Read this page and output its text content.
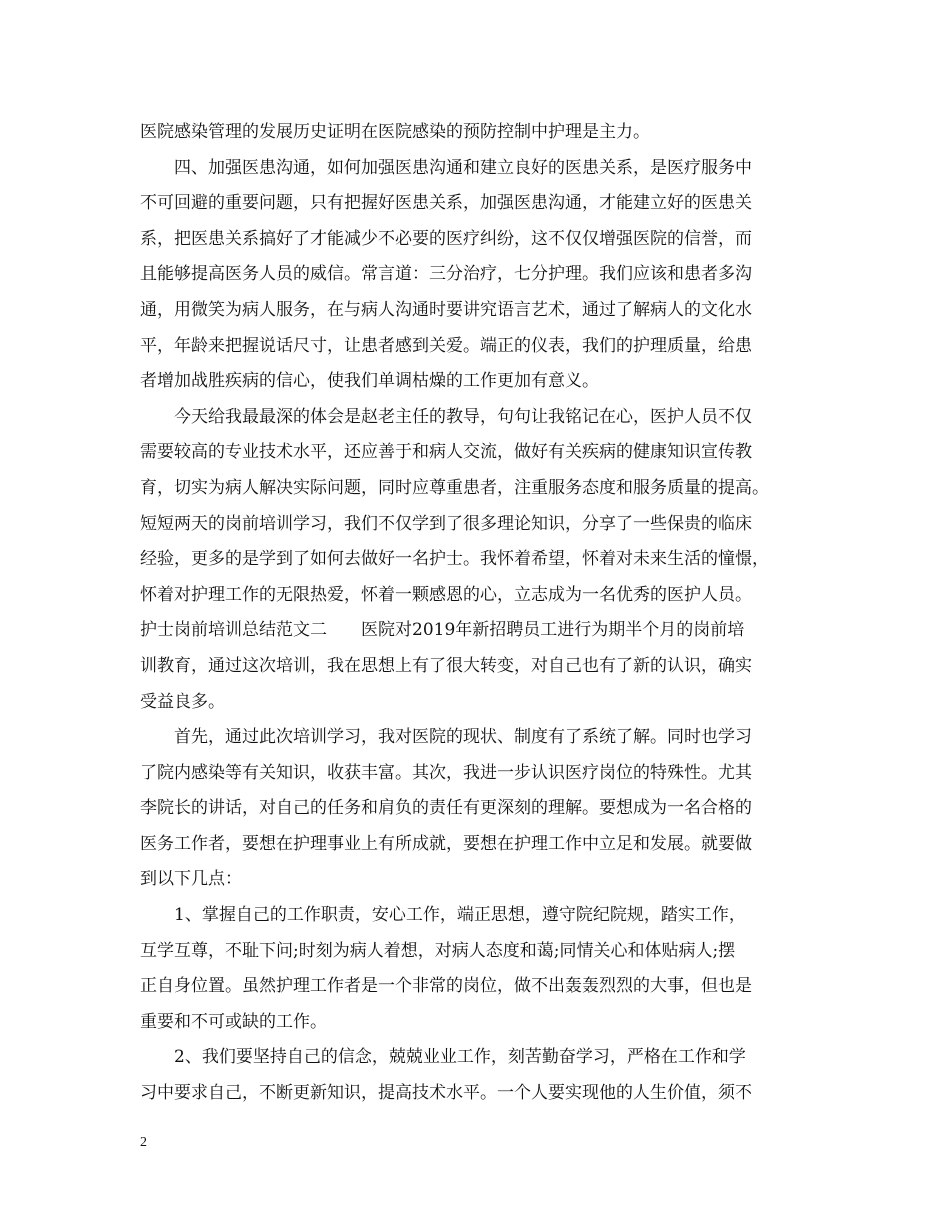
医院感染管理的发展历史证明在医院感染的预防控制中护理是主力。
四、加强医患沟通，如何加强医患沟通和建立良好的医患关系，是医疗服务中
不可回避的重要问题，只有把握好医患关系，加强医患沟通，才能建立好的医患关
系，把医患关系搞好了才能减少不必要的医疗纠纷，这不仅仅增强医院的信誉，而
且能够提高医务人员的威信。常言道：三分治疗，七分护理。我们应该和患者多沟
通，用微笑为病人服务，在与病人沟通时要讲究语言艺术，通过了解病人的文化水
平，年龄来把握说话尺寸，让患者感到关爱。端正的仪表，我们的护理质量，给患
者增加战胜疾病的信心，使我们单调枯燥的工作更加有意义。
今天给我最最深的体会是赵老主任的教导，句句让我铭记在心，医护人员不仅
需要较高的专业技术水平，还应善于和病人交流，做好有关疾病的健康知识宣传教
育，切实为病人解决实际问题，同时应尊重患者，注重服务态度和服务质量的提高。
短短两天的岗前培训学习，我们不仅学到了很多理论知识，分享了一些保贵的临床
经验，更多的是学到了如何去做好一名护士。我怀着希望，怀着对未来生活的憧憬，
怀着对护理工作的无限热爱，怀着一颗感恩的心，立志成为一名优秀的医护人员。
护士岗前培训总结范文二　　医院对2019年新招聘员工进行为期半个月的岗前培
训教育，通过这次培训，我在思想上有了很大转变，对自己也有了新的认识，确实
受益良多。
首先，通过此次培训学习，我对医院的现状、制度有了系统了解。同时也学习
了院内感染等有关知识，收获丰富。其次，我进一步认识医疗岗位的特殊性。尤其
李院长的讲话，对自己的任务和肩负的责任有更深刻的理解。要想成为一名合格的
医务工作者，要想在护理事业上有所成就，要想在护理工作中立足和发展。就要做
到以下几点：
1、掌握自己的工作职责，安心工作，端正思想，遵守院纪院规，踏实工作，
互学互尊，不耻下问;时刻为病人着想，对病人态度和蔼;同情关心和体贴病人;摆
正自身位置。虽然护理工作者是一个非常的岗位，做不出轰轰烈烈的大事，但也是
重要和不可或缺的工作。
2、我们要坚持自己的信念，兢兢业业工作，刻苦勤奋学习，严格在工作和学
习中要求自己，不断更新知识，提高技术水平。一个人要实现他的人生价值，须不
2
